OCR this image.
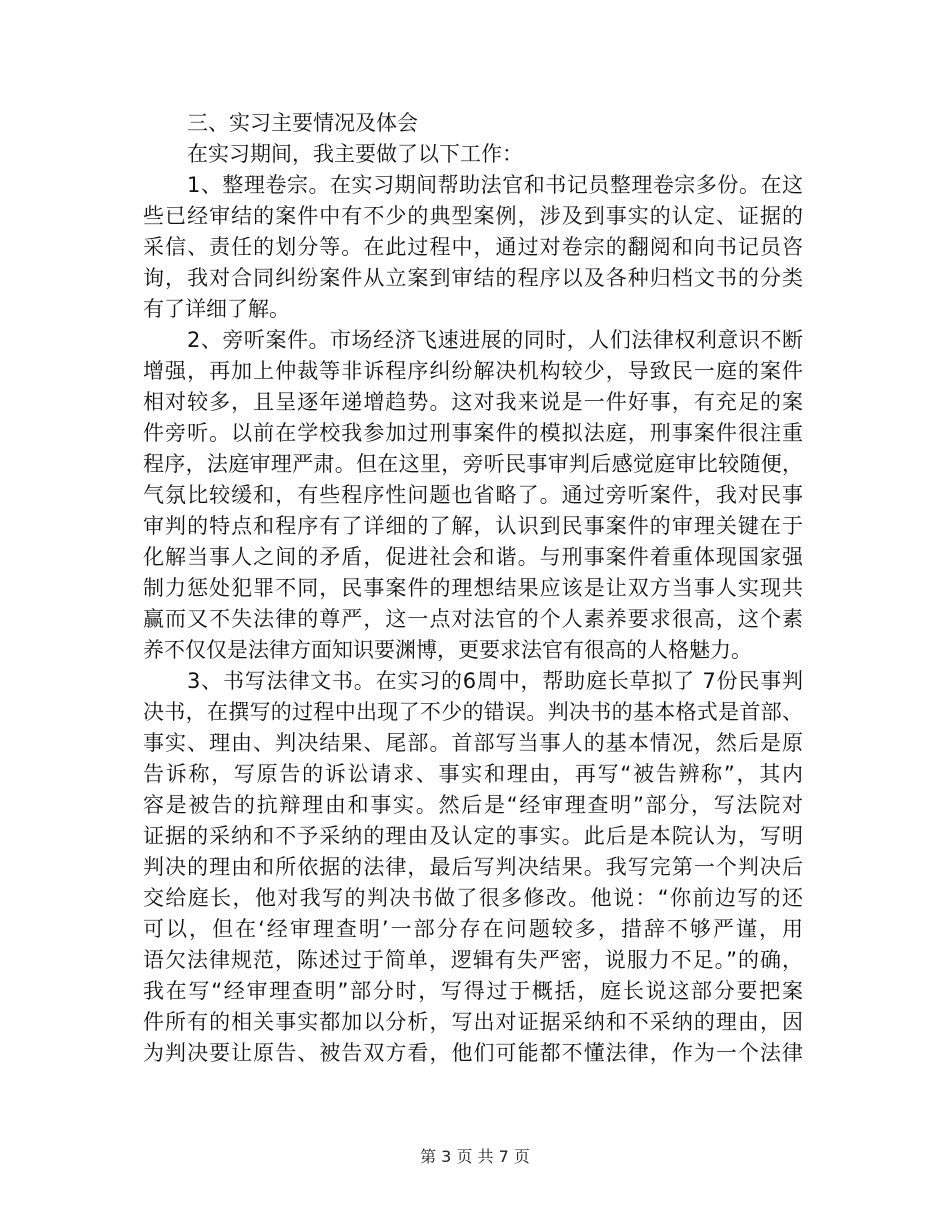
三、实习主要情况及体会
在实习期间，我主要做了以下工作：
1、整理卷宗。在实习期间帮助法官和书记员整理卷宗多份。在这
些已经审结的案件中有不少的典型案例，涉及到事实的认定、证据的
采信、责任的划分等。在此过程中，通过对卷宗的翻阅和向书记员咨
询，我对合同纠纷案件从立案到审结的程序以及各种归档文书的分类
有了详细了解。
2、旁听案件。市场经济飞速进展的同时，人们法律权利意识不断
增强，再加上仲裁等非诉程序纠纷解决机构较少，导致民一庭的案件
相对较多，且呈逐年递增趋势。这对我来说是一件好事，有充足的案
件旁听。以前在学校我参加过刑事案件的模拟法庭，刑事案件很注重
程序，法庭审理严肃。但在这里，旁听民事审判后感觉庭审比较随便，
气氛比较缓和，有些程序性问题也省略了。通过旁听案件，我对民事
审判的特点和程序有了详细的了解，认识到民事案件的审理关键在于
化解当事人之间的矛盾，促进社会和谐。与刑事案件着重体现国家强
制力惩处犯罪不同，民事案件的理想结果应该是让双方当事人实现共
赢而又不失法律的尊严，这一点对法官的个人素养要求很高，这个素
养不仅仅是法律方面知识要渊博，更要求法官有很高的人格魅力。
3、书写法律文书。在实习的6周中，帮助庭长草拟了 7份民事判
决书，在撰写的过程中出现了不少的错误。判决书的基本格式是首部、
事实、理由、判决结果、尾部。首部写当事人的基本情况，然后是原
告诉称，写原告的诉讼请求、事实和理由，再写“被告辨称”，其内
容是被告的抗辩理由和事实。然后是“经审理查明”部分，写法院对
证据的采纳和不予采纳的理由及认定的事实。此后是本院认为，写明
判决的理由和所依据的法律，最后写判决结果。我写完第一个判决后
交给庭长，他对我写的判决书做了很多修改。他说：“你前边写的还
可以，但在‘经审理查明’一部分存在问题较多，措辞不够严谨，用
语欠法律规范，陈述过于简单，逻辑有失严密，说服力不足。”的确，
我在写“经审理查明”部分时，写得过于概括，庭长说这部分要把案
件所有的相关事实都加以分析，写出对证据采纳和不采纳的理由，因
为判决要让原告、被告双方看，他们可能都不懂法律，作为一个法律
第 3 页 共 7 页
